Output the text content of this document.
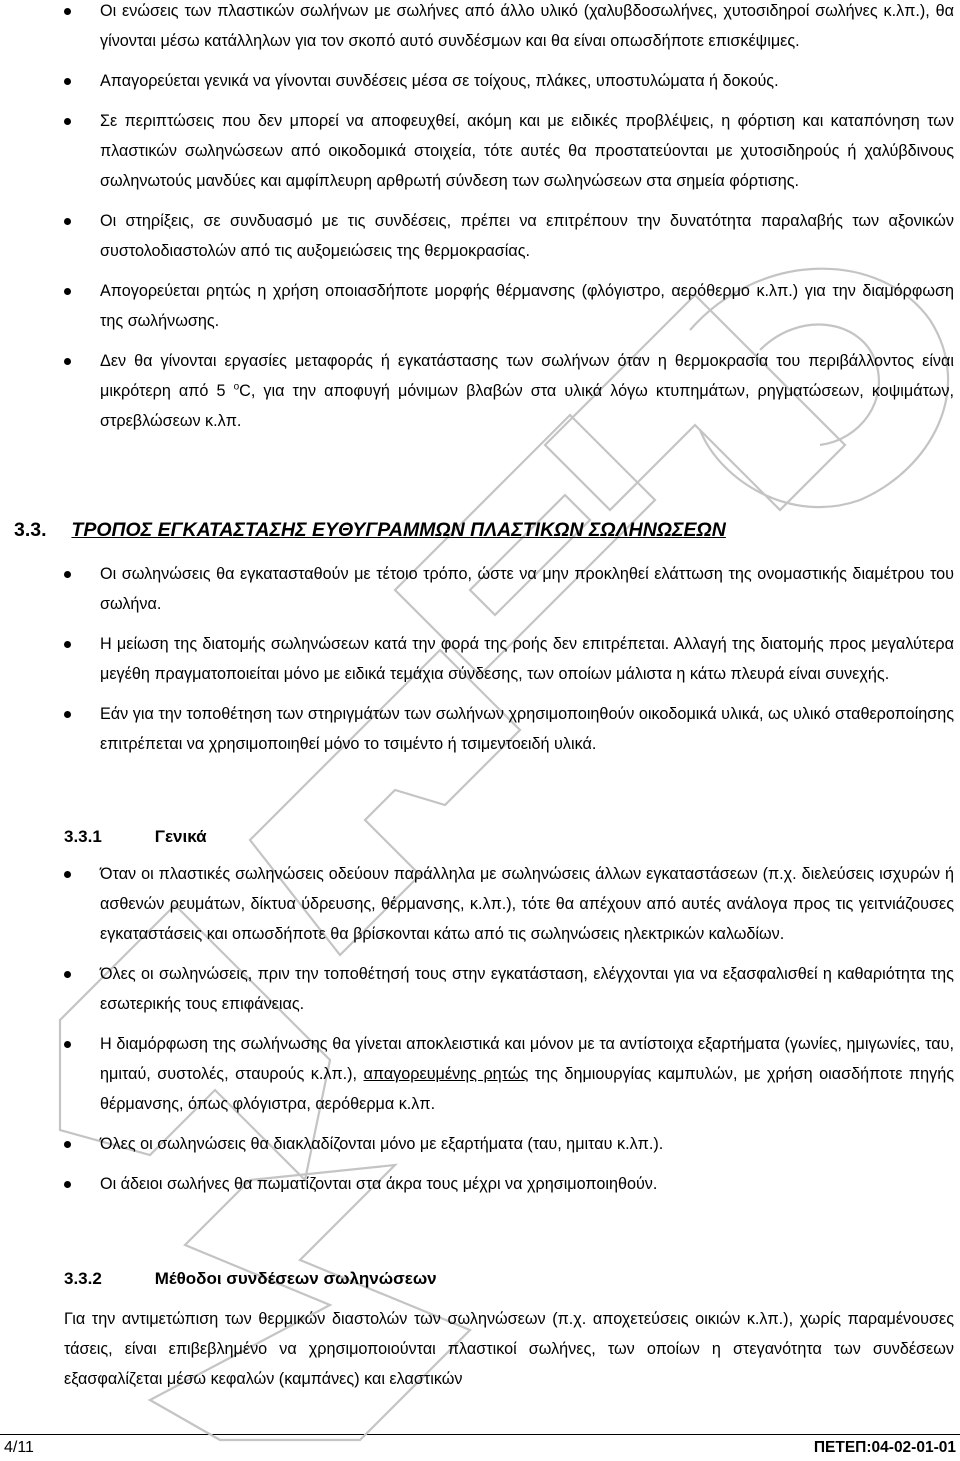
Οι ενώσεις των πλαστικών σωλήνων με σωλήνες από άλλο υλικό (χαλυβδοσωλήνες, χυτοσιδηροί σωλήνες κ.λπ.), θα γίνονται μέσω κατάλληλων για τον σκοπό αυτό συνδέσμων και θα είναι οπωσδήποτε επισκέψιμες.
Απαγορεύεται γενικά να γίνονται συνδέσεις μέσα σε τοίχους, πλάκες, υποστυλώματα ή δοκούς.
Σε περιπτώσεις που δεν μπορεί να αποφευχθεί, ακόμη και με ειδικές προβλέψεις, η φόρτιση και καταπόνηση των πλαστικών σωληνώσεων από οικοδομικά στοιχεία, τότε αυτές θα προστατεύονται με χυτοσιδηρούς ή χαλύβδινους σωληνωτούς μανδύες και αμφίπλευρη αρθρωτή σύνδεση των σωληνώσεων στα σημεία φόρτισης.
Οι στηρίξεις, σε συνδυασμό με τις συνδέσεις, πρέπει να επιτρέπουν την δυνατότητα παραλαβής των αξονικών συστολοδιαστολών από τις αυξομειώσεις της θερμοκρασίας.
Απογορεύεται ρητώς η χρήση οποιασδήποτε μορφής θέρμανσης (φλόγιστρο, αερόθερμο κ.λπ.) για την διαμόρφωση της σωλήνωσης.
Δεν θα γίνονται εργασίες μεταφοράς ή εγκατάστασης των σωλήνων όταν η θερμοκρασία του περιβάλλοντος είναι μικρότερη από 5 $^o$C, για την αποφυγή μόνιμων βλαβών στα υλικά λόγω κτυπημάτων, ρηγματώσεων, κοψιμάτων, στρεβλώσεων κ.λπ.
3.3. ΤΡΟΠΟΣ ΕΓΚΑΤΑΣΤΑΣΗΣ ΕΥΘΥΓΡΑΜΜΩΝ ΠΛΑΣΤΙΚΩΝ ΣΩΛΗΝΩΣΕΩΝ
Οι σωληνώσεις θα εγκατασταθούν με τέτοιο τρόπο, ώστε να μην προκληθεί ελάττωση της ονομαστικής διαμέτρου του σωλήνα.
Η μείωση της διατομής σωληνώσεων κατά την φορά της ροής δεν επιτρέπεται. Αλλαγή της διατομής προς μεγαλύτερα μεγέθη πραγματοποιείται μόνο με ειδικά τεμάχια σύνδεσης, των οποίων μάλιστα η κάτω πλευρά είναι συνεχής.
Εάν για την τοποθέτηση των στηριγμάτων των σωλήνων χρησιμοποιηθούν οικοδομικά υλικά, ως υλικό σταθεροποίησης επιτρέπεται να χρησιμοποιηθεί μόνο το τσιμέντο ή τσιμεντοειδή υλικά.
3.3.1	Γενικά
Όταν οι πλαστικές σωληνώσεις οδεύουν παράλληλα με σωληνώσεις άλλων εγκαταστάσεων (π.χ. διελεύσεις ισχυρών ή ασθενών ρευμάτων, δίκτυα ύδρευσης, θέρμανσης, κ.λπ.), τότε θα απέχουν από αυτές ανάλογα προς τις γειτνιάζουσες εγκαταστάσεις και οπωσδήποτε θα βρίσκονται κάτω από τις σωληνώσεις ηλεκτρικών καλωδίων.
Όλες οι σωληνώσεις, πριν την τοποθέτησή τους στην εγκατάσταση, ελέγχονται για να εξασφαλισθεί η καθαριότητα της εσωτερικής τους επιφάνειας.
Η διαμόρφωση της σωλήνωσης θα γίνεται αποκλειστικά και μόνον με τα αντίστοιχα εξαρτήματα (γωνίες, ημιγωνίες, ταυ, ημιταύ, συστολές, σταυρούς κ.λπ.), απαγορευμένης ρητώς της δημιουργίας καμπυλών, με χρήση οιασδήποτε πηγής θέρμανσης, όπως φλόγιστρα, αερόθερμα κ.λπ.
Όλες οι σωληνώσεις θα διακλαδίζονται μόνο με εξαρτήματα (ταυ, ημιταυ κ.λπ.).
Οι άδειοι σωλήνες θα πωματίζονται στα άκρα τους μέχρι να χρησιμοποιηθούν.
3.3.2	Μέθοδοι συνδέσεων σωληνώσεων
Για την αντιμετώπιση των θερμικών διαστολών των σωληνώσεων (π.χ. αποχετεύσεις οικιών κ.λπ.), χωρίς παραμένουσες τάσεις, είναι επιβεβλημένο να χρησιμοποιούνται πλαστικοί σωλήνες, των οποίων η στεγανότητα των συνδέσεων εξασφαλίζεται μέσω κεφαλών (καμπάνες) και ελαστικών
4/11	ΠΕΤΕΠ:04-02-01-01
